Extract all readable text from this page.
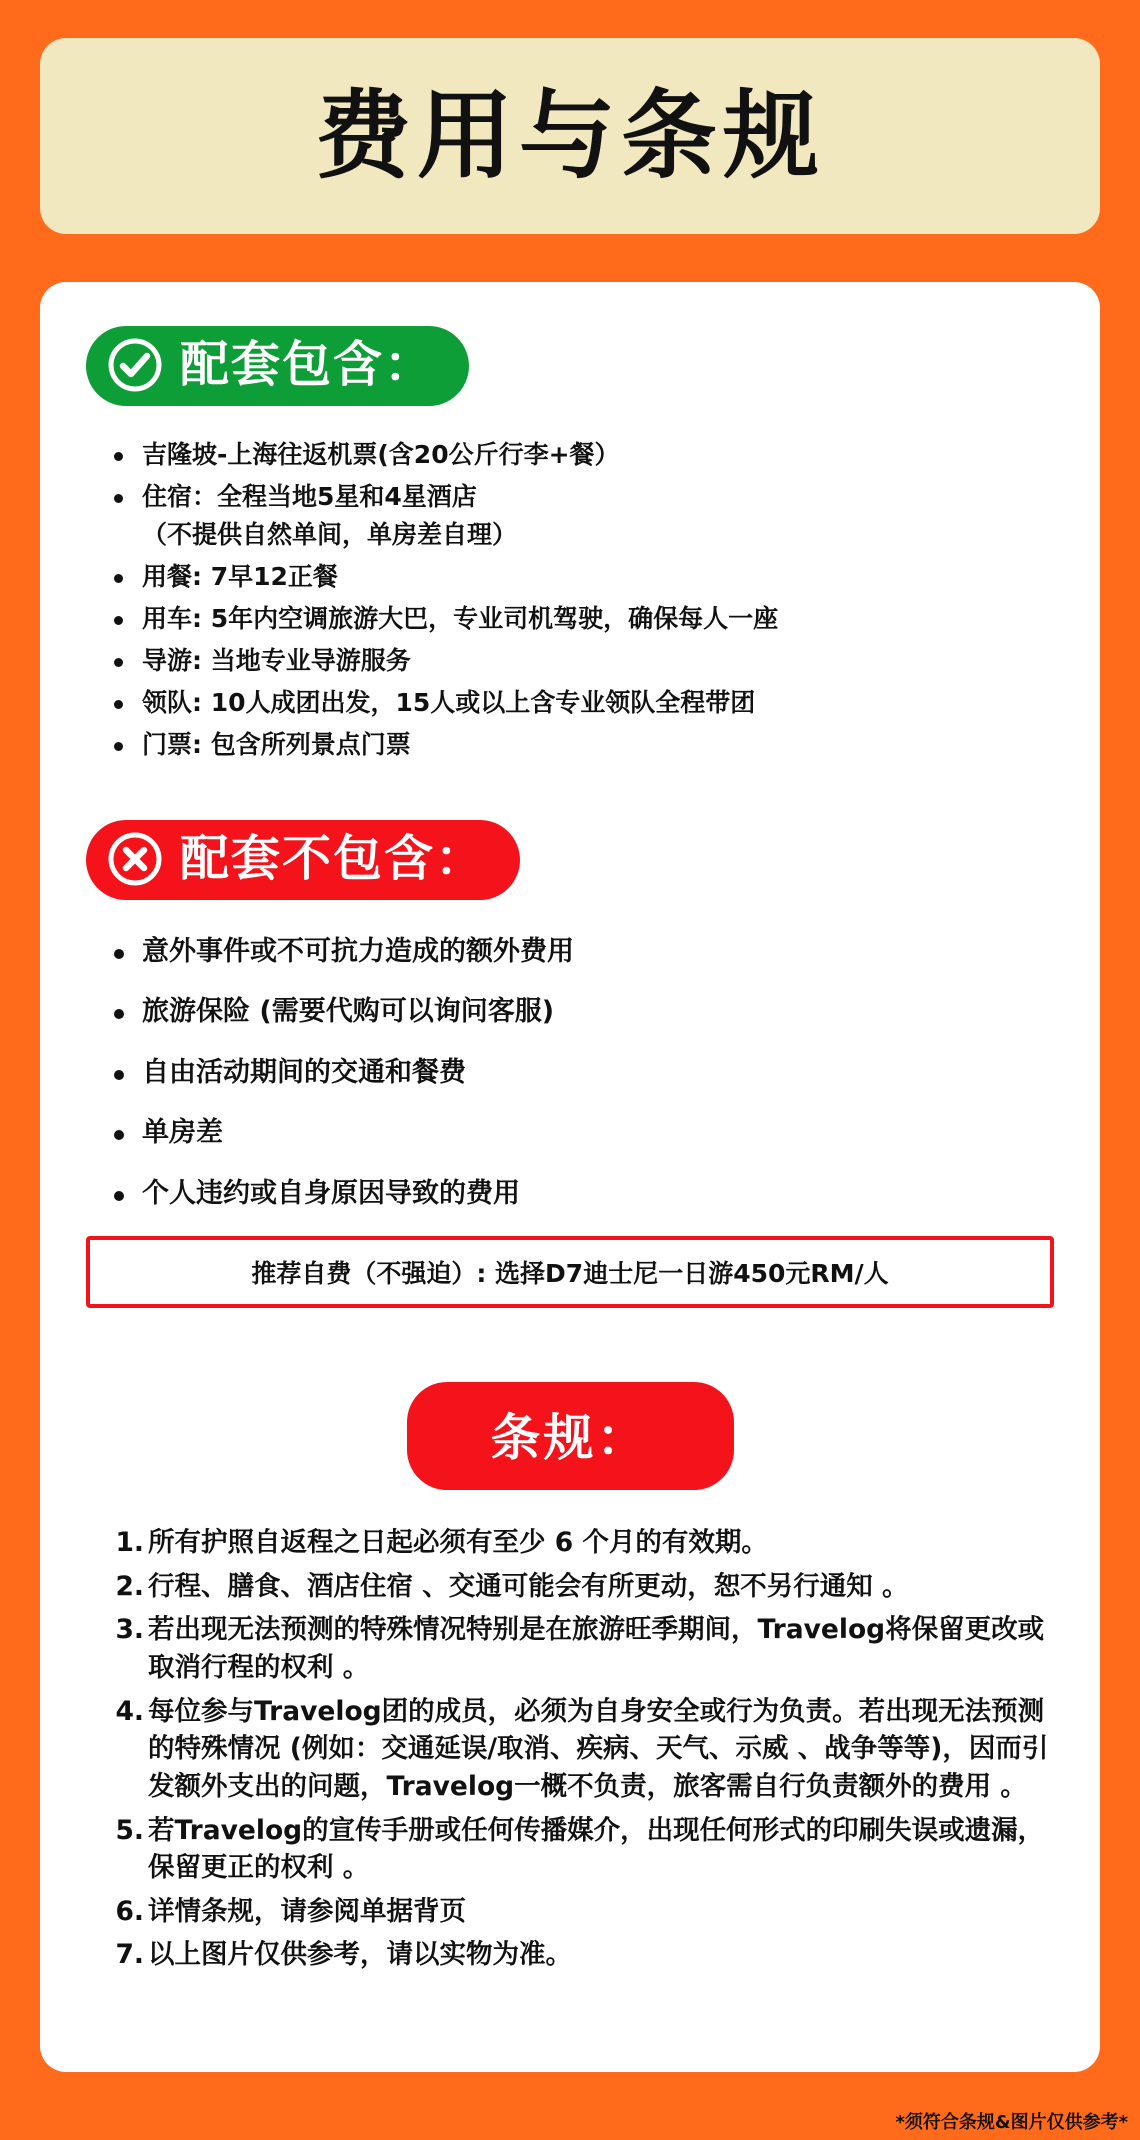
费用与条规
配套包含：
吉隆坡-上海往返机票(含20公斤行李+餐）
住宿：全程当地5星和4星酒店
（不提供自然单间，单房差自理）
用餐: 7早12正餐
用车: 5年内空调旅游大巴，专业司机驾驶，确保每人一座
导游: 当地专业导游服务
领队: 10人成团出发，15人或以上含专业领队全程带团
门票: 包含所列景点门票
配套不包含：
意外事件或不可抗力造成的额外费用
旅游保险 (需要代购可以询问客服)
自由活动期间的交通和餐费
单房差
个人违约或自身原因导致的费用
推荐自费（不强迫）: 选择D7迪士尼一日游450元RM/人
条规：
所有护照自返程之日起必须有至少 6 个月的有效期。
行程、膳食、酒店住宿 、交通可能会有所更动，恕不另行通知 。
若出现无法预测的特殊情况特别是在旅游旺季期间，Travelog将保留更改或取消行程的权利 。
每位参与Travelog团的成员，必须为自身安全或行为负责。若出现无法预测的特殊情况 (例如：交通延误/取消、疾病、天气、示威 、战争等等)，因而引发额外支出的问题，Travelog一概不负责，旅客需自行负责额外的费用 。
若Travelog的宣传手册或任何传播媒介，出现任何形式的印刷失误或遗漏，保留更正的权利 。
详情条规，请参阅单据背页
以上图片仅供参考，请以实物为准。
*须符合条规&图片仅供参考*
